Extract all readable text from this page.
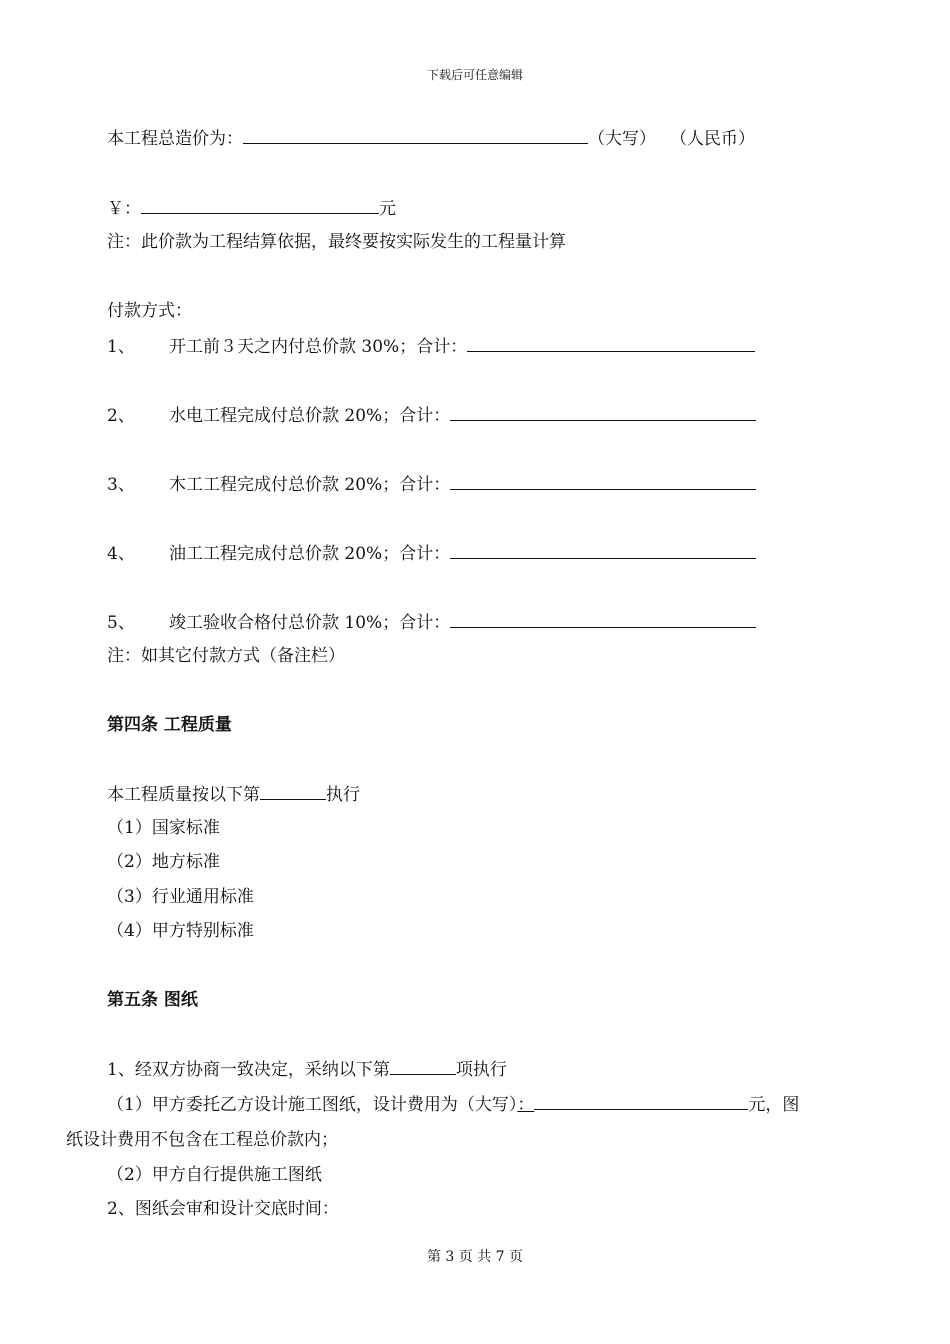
下载后可任意编辑
本工程总造价为：	（大写） （人民币）
￥：	元
注：此价款为工程结算依据，最终要按实际发生的工程量计算
付款方式：
1、 开工前３天之内付总价款 30%；合计：
2、 水电工程完成付总价款 20%；合计：
3、 木工工程完成付总价款 20%；合计：
4、 油工工程完成付总价款 20%；合计：
5、 竣工验收合格付总价款 10%；合计：
注：如其它付款方式（备注栏）
第四条 工程质量
本工程质量按以下第	执行
（1）国家标准
（2）地方标准
（3）行业通用标准
（4）甲方特别标准
第五条 图纸
1、经双方协商一致决定，采纳以下第	项执行
（1）甲方委托乙方设计施工图纸，设计费用为（大写）：	元，图
纸设计费用不包含在工程总价款内；
（2）甲方自行提供施工图纸
2、图纸会审和设计交底时间：
第 3 页 共 7 页
